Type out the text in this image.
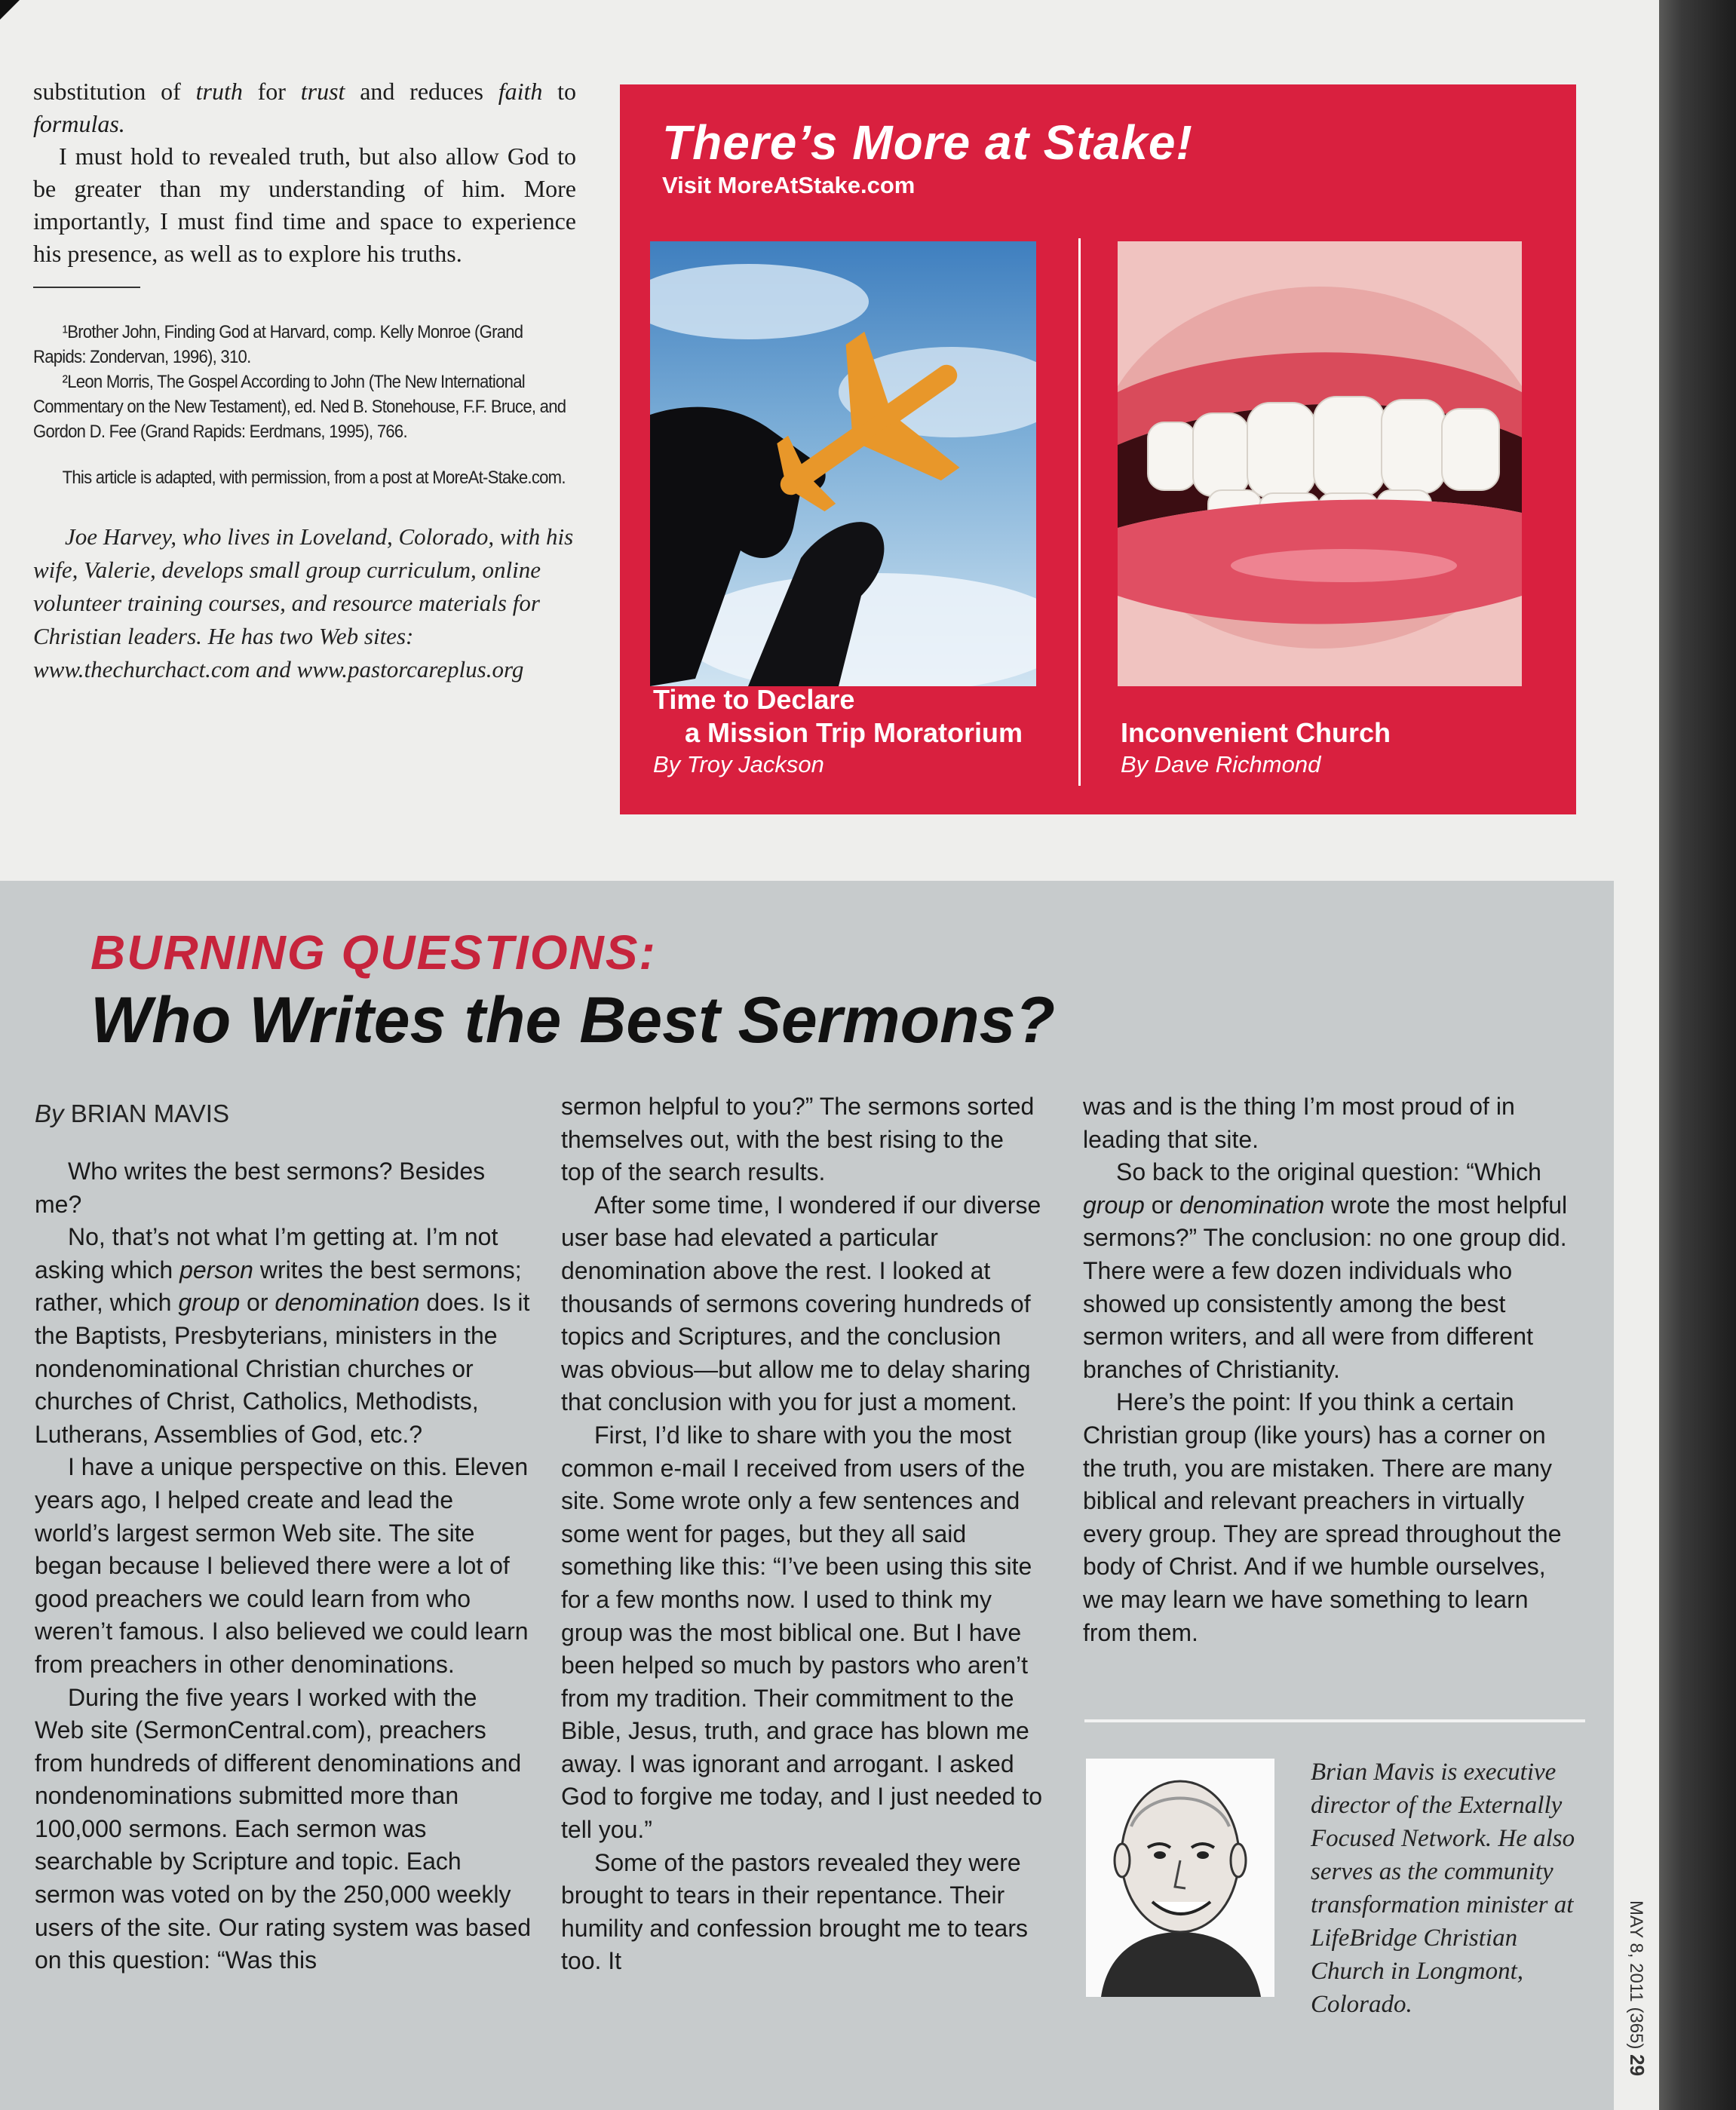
substitution of truth for trust and reduces faith to formulas.

I must hold to revealed truth, but also allow God to be greater than my understanding of him. More importantly, I must find time and space to experience his presence, as well as to explore his truths.

¹Brother John, Finding God at Harvard, comp. Kelly Monroe (Grand Rapids: Zondervan, 1996), 310.

²Leon Morris, The Gospel According to John (The New International Commentary on the New Testament), ed. Ned B. Stonehouse, F.F. Bruce, and Gordon D. Fee (Grand Rapids: Eerdmans, 1995), 766.

This article is adapted, with permission, from a post at MoreAt-Stake.com.

Joe Harvey, who lives in Loveland, Colorado, with his wife, Valerie, develops small group curriculum, online volunteer training courses, and resource materials for Christian leaders. He has two Web sites: www.thechurchact.com and www.pastorcareplus.org

There’s More at Stake!
Visit MoreAtStake.com
Time to Declare
a Mission Trip Moratorium
By Troy Jackson
Inconvenient Church
By Dave Richmond
BURNING QUESTIONS:
Who Writes the Best Sermons?
By BRIAN MAVIS

Who writes the best sermons? Besides me?

No, that’s not what I’m getting at. I’m not asking which person writes the best sermons; rather, which group or denomination does. Is it the Baptists, Presbyterians, ministers in the nondenominational Christian churches or churches of Christ, Catholics, Methodists, Lutherans, Assemblies of God, etc.?

I have a unique perspective on this. Eleven years ago, I helped create and lead the world’s largest sermon Web site. The site began because I believed there were a lot of good preachers we could learn from who weren’t famous. I also believed we could learn from preachers in other denominations.

During the five years I worked with the Web site (SermonCentral.com), preachers from hundreds of different denominations and nondenominations submitted more than 100,000 sermons. Each sermon was searchable by Scripture and topic. Each sermon was voted on by the 250,000 weekly users of the site. Our rating system was based on this question: “Was this

sermon helpful to you?” The sermons sorted themselves out, with the best rising to the top of the search results.

After some time, I wondered if our diverse user base had elevated a particular denomination above the rest. I looked at thousands of sermons covering hundreds of topics and Scriptures, and the conclusion was obvious—but allow me to delay sharing that conclusion with you for just a moment.

First, I’d like to share with you the most common e-mail I received from users of the site. Some wrote only a few sentences and some went for pages, but they all said something like this: “I’ve been using this site for a few months now. I used to think my group was the most biblical one. But I have been helped so much by pastors who aren’t from my tradition. Their commitment to the Bible, Jesus, truth, and grace has blown me away. I was ignorant and arrogant. I asked God to forgive me today, and I just needed to tell you.”

Some of the pastors revealed they were brought to tears in their repentance. Their humility and confession brought me to tears too. It

was and is the thing I’m most proud of in leading that site.

So back to the original question: “Which group or denomination wrote the most helpful sermons?” The conclusion: no one group did. There were a few dozen individuals who showed up consistently among the best sermon writers, and all were from different branches of Christianity.

Here’s the point: If you think a certain Christian group (like yours) has a corner on the truth, you are mistaken. There are many biblical and relevant preachers in virtually every group. They are spread throughout the body of Christ. And if we humble ourselves, we may learn we have something to learn from them.

Brian Mavis is executive director of the Externally Focused Network. He also serves as the community transformation minister at LifeBridge Christian Church in Longmont, Colorado.

MAY 8, 2011 (365) 29
